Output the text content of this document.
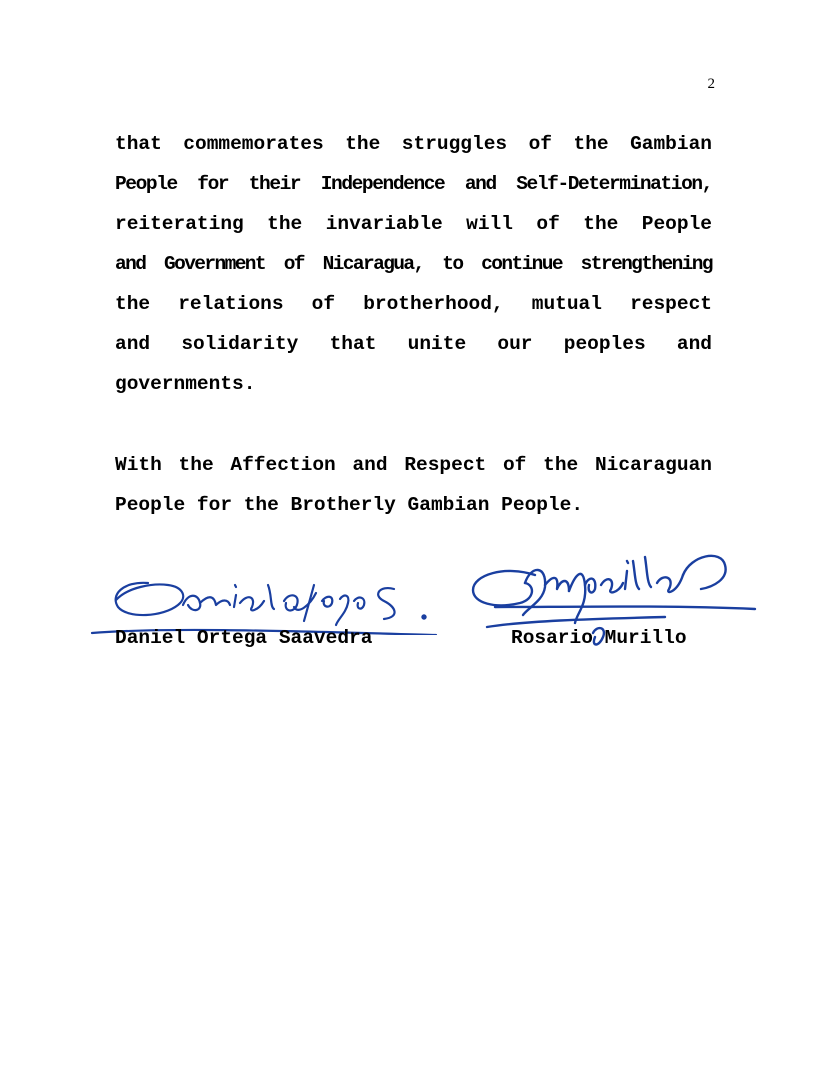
2
that commemorates the struggles of the Gambian
People for their Independence and Self-Determination,
reiterating the invariable will of the People
and Government of Nicaragua, to continue strengthening
the relations of brotherhood, mutual respect
and solidarity that unite our peoples and
governments.
With the Affection and Respect of the Nicaraguan
People for the Brotherly Gambian People.
Daniel Ortega Saavedra	Rosario Murillo
